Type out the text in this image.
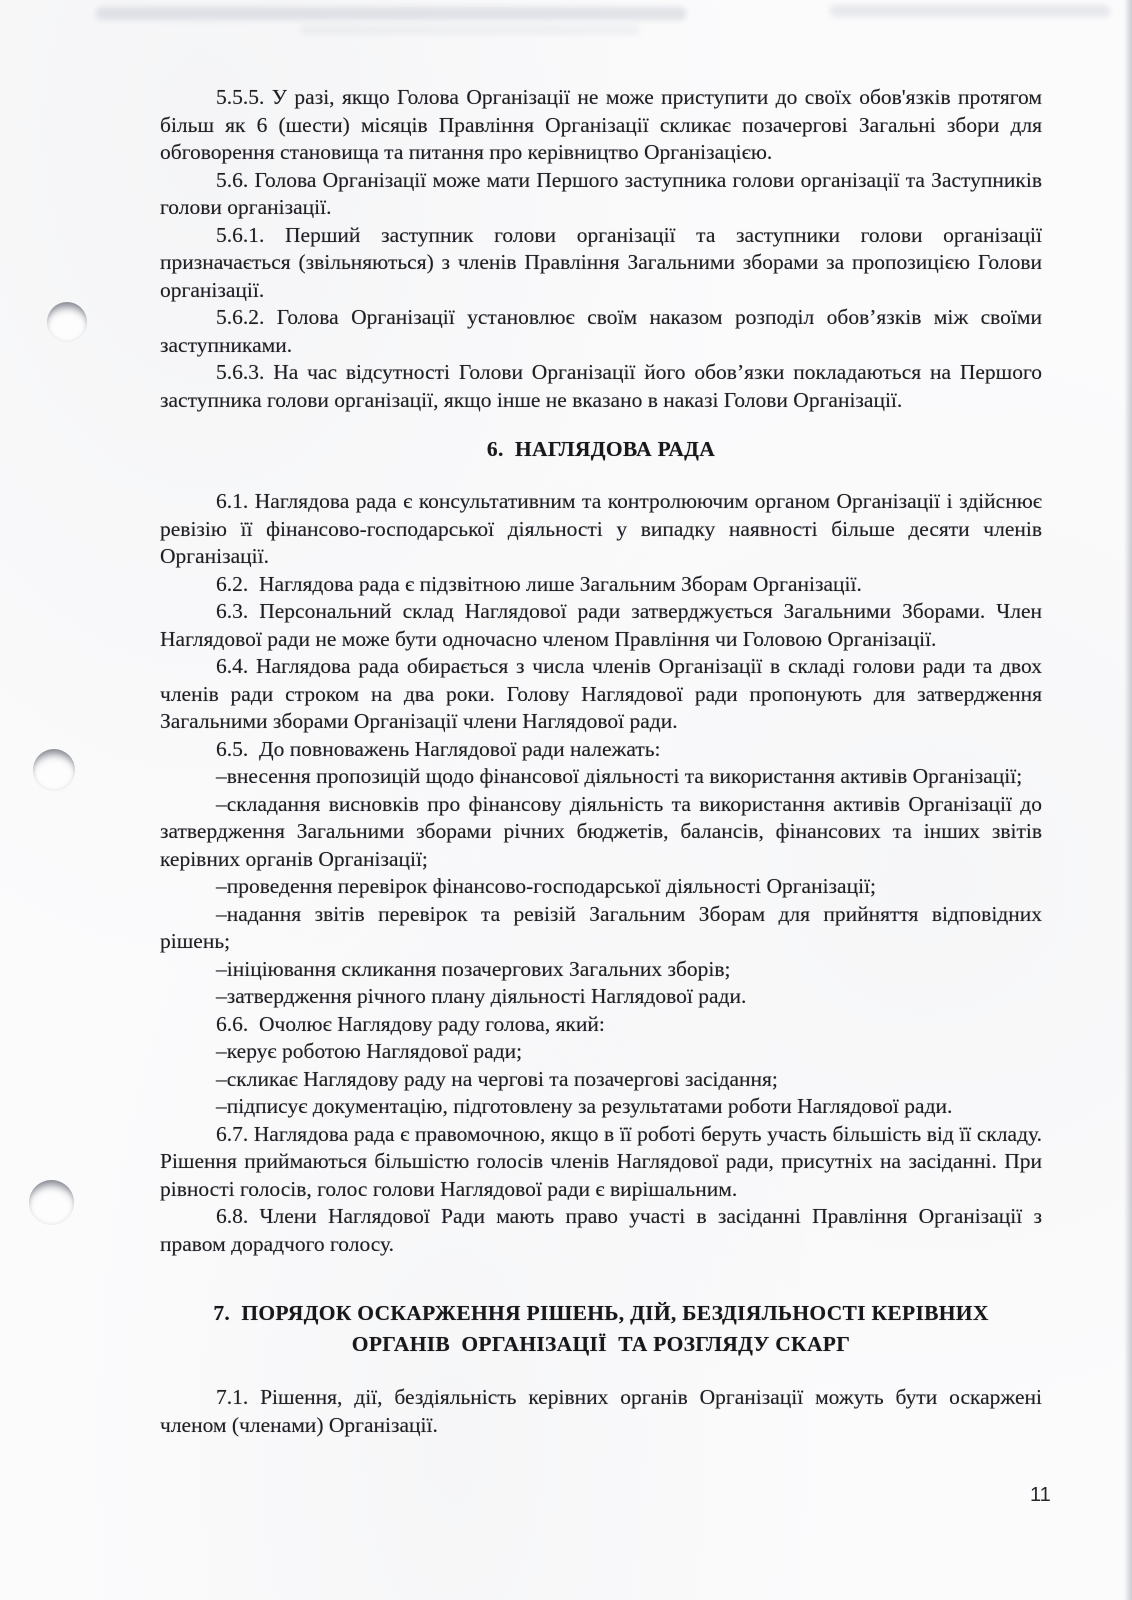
5.5.5. У разі, якщо Голова Організації не може приступити до своїх обов'язків протягом більш як 6 (шести) місяців Правління Організації скликає позачергові Загальні збори для обговорення становища та питання про керівництво Організацією.

5.6. Голова Організації може мати Першого заступника голови організації та Заступників голови організації.

5.6.1. Перший заступник голови організації та заступники голови організації призначається (звільняються) з членів Правління Загальними зборами за пропозицією Голови організації.

5.6.2. Голова Організації установлює своїм наказом розподіл обов’язків між своїми заступниками.

5.6.3. На час відсутності Голови Організації його обов’язки покладаються на Першого заступника голови організації, якщо інше не вказано в наказі Голови Організації.

6.  НАГЛЯДОВА РАДА

6.1. Наглядова рада є консультативним та контролюючим органом Організації і здійснює ревізію її фінансово-господарської діяльності у випадку наявності більше десяти членів Організації.

6.2.  Наглядова рада є підзвітною лише Загальним Зборам Організації.

6.3. Персональний склад Наглядової ради затверджується Загальними Зборами. Член Наглядової ради не може бути одночасно членом Правління чи Головою Організації.

6.4. Наглядова рада обирається з числа членів Організації в складі голови ради та двох членів ради строком на два роки. Голову Наглядової ради пропонують для затвердження Загальними зборами Організації члени Наглядової ради.

6.5.  До повноважень Наглядової ради належать:

–внесення пропозицій щодо фінансової діяльності та використання активів Організації;

–складання висновків про фінансову діяльність та використання активів Організації до затвердження Загальними зборами річних бюджетів, балансів, фінансових та інших звітів керівних органів Організації;

–проведення перевірок фінансово-господарської діяльності Організації;

–надання звітів перевірок та ревізій Загальним Зборам для прийняття відповідних рішень;

–ініціювання скликання позачергових Загальних зборів;

–затвердження річного плану діяльності Наглядової ради.

6.6.  Очолює Наглядову раду голова, який:

–керує роботою Наглядової ради;

–скликає Наглядову раду на чергові та позачергові засідання;

–підписує документацію, підготовлену за результатами роботи Наглядової ради.

6.7. Наглядова рада є правомочною, якщо в її роботі беруть участь більшість від її складу. Рішення приймаються більшістю голосів членів Наглядової ради, присутніх на засіданні. При рівності голосів, голос голови Наглядової ради є вирішальним.

6.8. Члени Наглядової Ради мають право участі в засіданні Правління Організації з правом дорадчого голосу.

7.  ПОРЯДОК ОСКАРЖЕННЯ РІШЕНЬ, ДІЙ, БЕЗДІЯЛЬНОСТІ КЕРІВНИХ
ОРГАНІВ  ОРГАНІЗАЦІЇ  ТА РОЗГЛЯДУ СКАРГ

7.1. Рішення, дії, бездіяльність керівних органів Організації можуть бути оскаржені членом (членами) Організації.

11
